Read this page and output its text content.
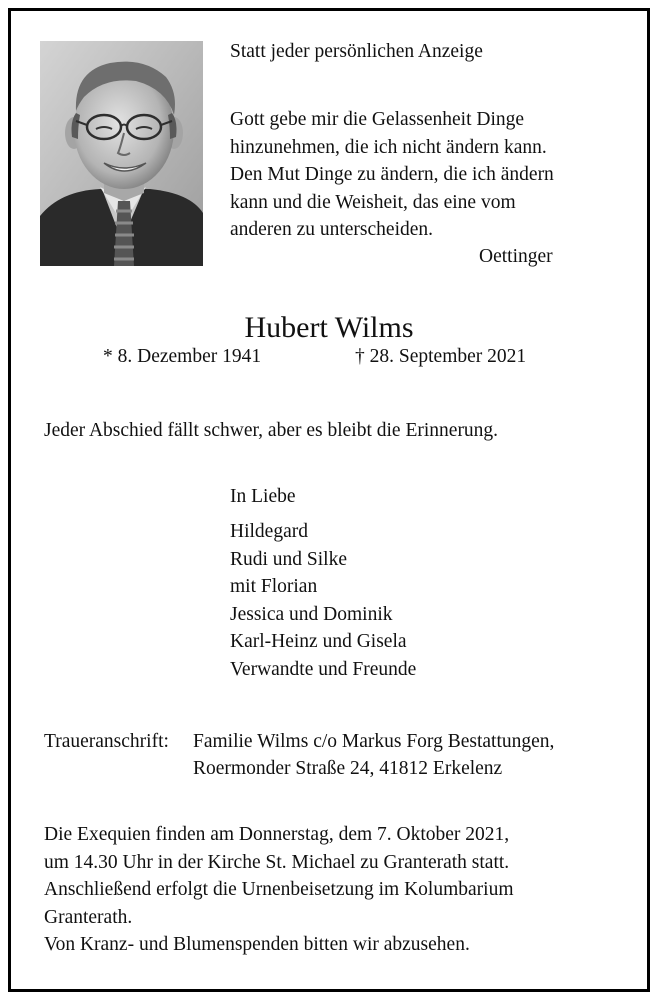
Statt jeder persönlichen Anzeige
Gott gebe mir die Gelassenheit Dinge
hinzunehmen, die ich nicht ändern kann.
Den Mut Dinge zu ändern, die ich ändern
kann und die Weisheit, das eine vom
anderen zu unterscheiden.
Oettinger
Hubert Wilms
* 8. Dezember 1941	† 28. September 2021
Jeder Abschied fällt schwer, aber es bleibt die Erinnerung.
In Liebe
Hildegard
Rudi und Silke
mit Florian
Jessica und Dominik
Karl-Heinz und Gisela
Verwandte und Freunde
Traueranschrift: Familie Wilms c/o Markus Forg Bestattungen,
Roermonder Straße 24, 41812 Erkelenz
Die Exequien finden am Donnerstag, dem 7. Oktober 2021,
um 14.30 Uhr in der Kirche St. Michael zu Granterath statt.
Anschließend erfolgt die Urnenbeisetzung im Kolumbarium
Granterath.
Von Kranz- und Blumenspenden bitten wir abzusehen.
